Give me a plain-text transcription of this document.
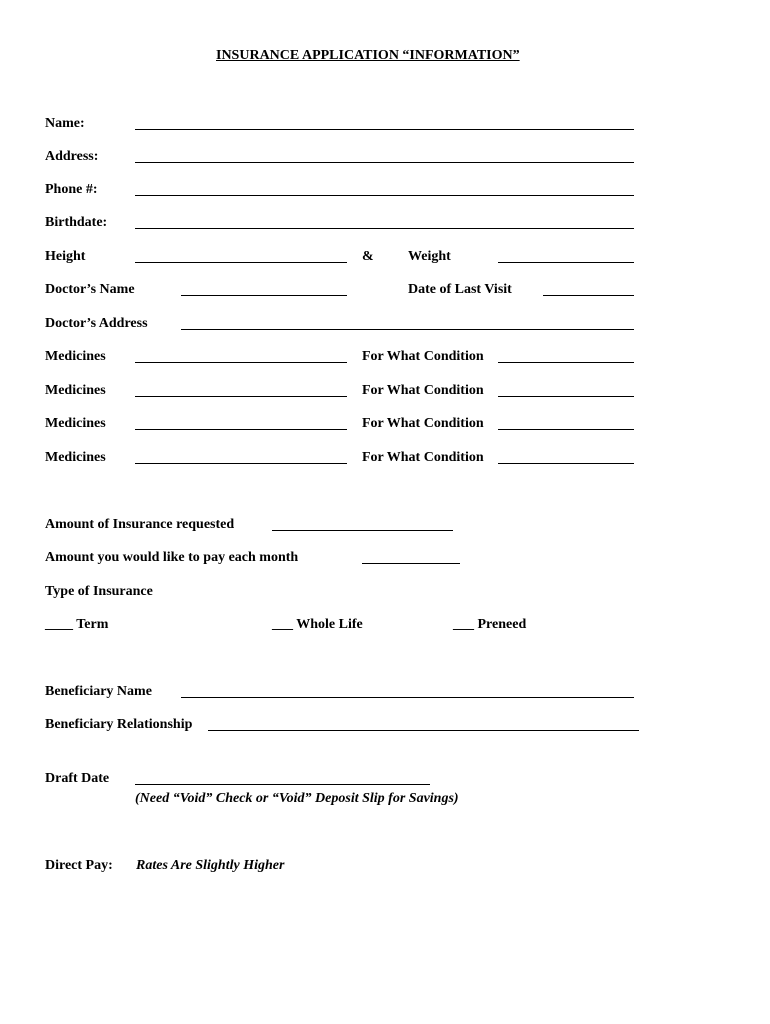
INSURANCE APPLICATION “INFORMATION”
Name:
Address:
Phone #:
Birthdate:
Height	& Weight
Doctor’s Name	Date of Last Visit
Doctor’s Address
Medicines	For What Condition
Medicines	For What Condition
Medicines	For What Condition
Medicines	For What Condition
Amount of Insurance requested
Amount you would like to pay each month
Type of Insurance
____ Term	___ Whole Life	___ Preneed
Beneficiary Name
Beneficiary Relationship
Draft Date
(Need “Void” Check or “Void” Deposit Slip for Savings)
Direct Pay: Rates Are Slightly Higher
